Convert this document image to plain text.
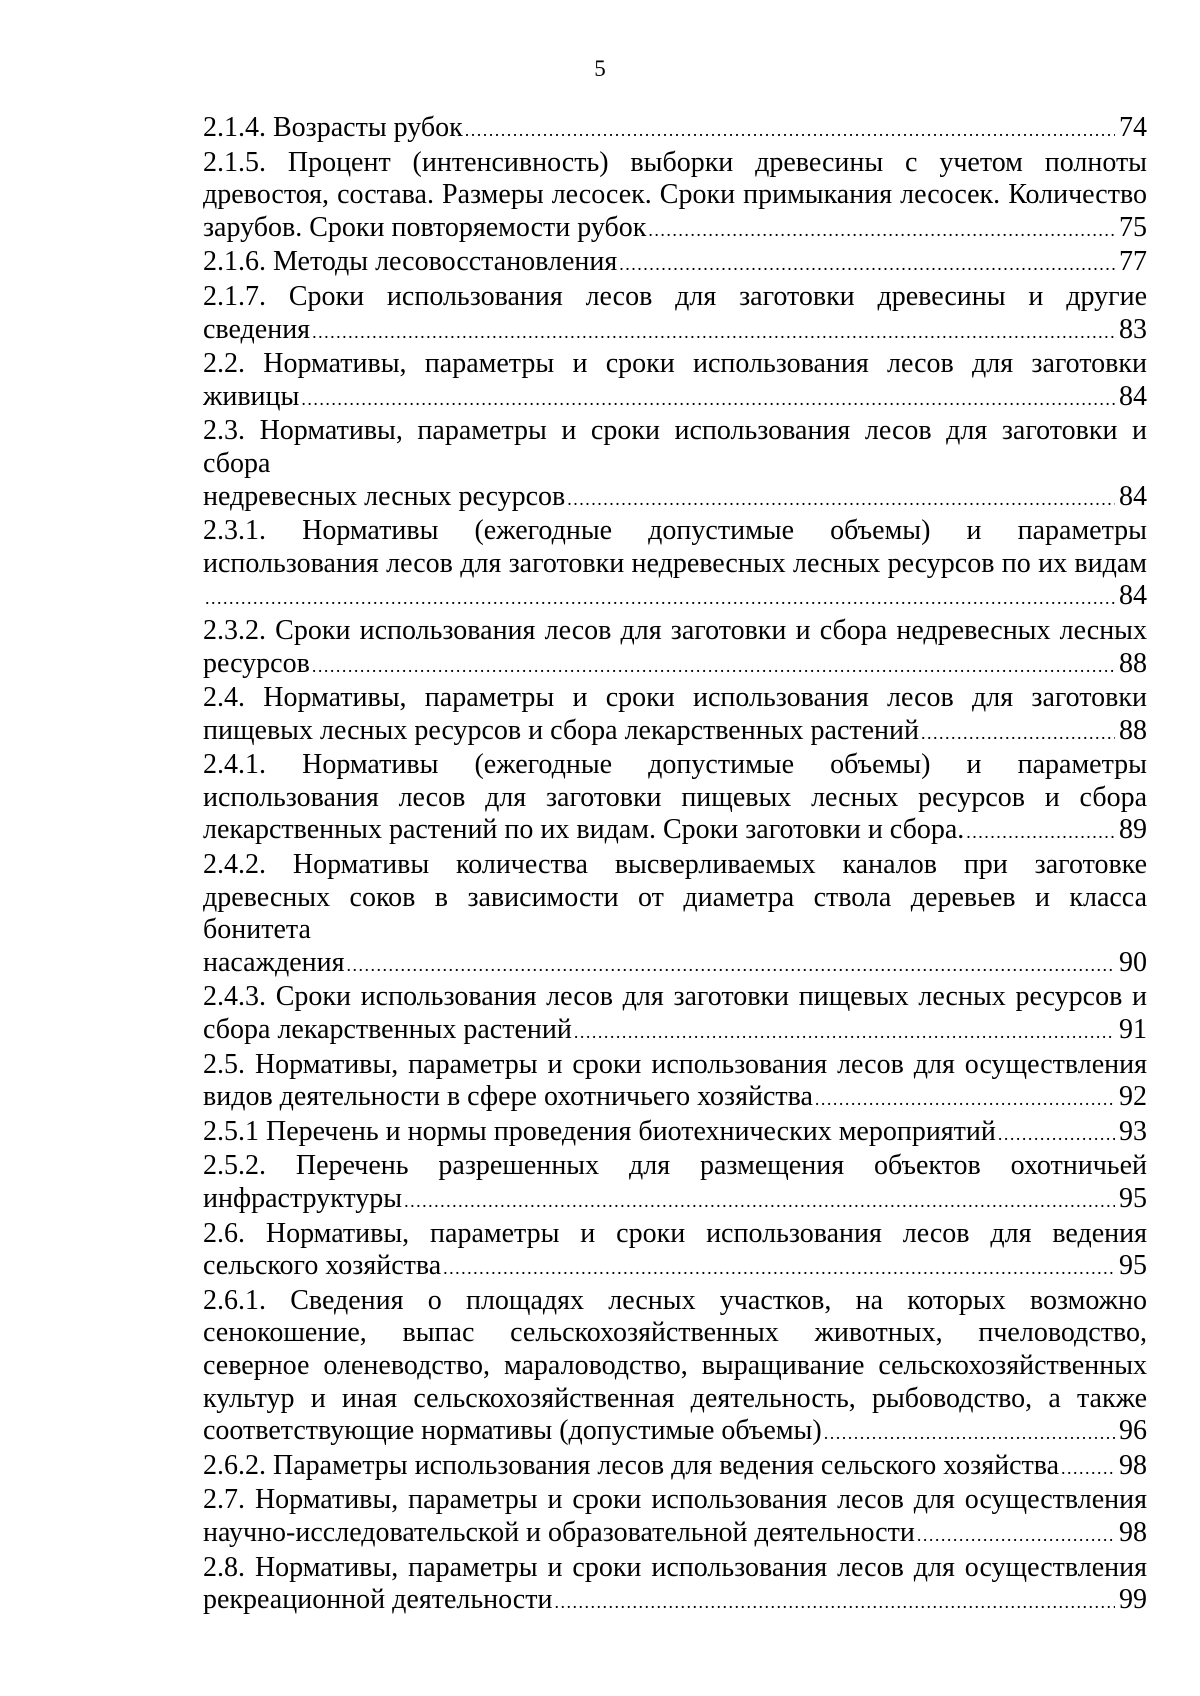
5
2.1.4. Возрасты рубок .....	74
2.1.5. Процент (интенсивность) выборки древесины с учетом полноты
древостоя, состава. Размеры лесосек. Сроки примыкания лесосек. Количество
зарубов. Сроки повторяемости рубок .....	75
2.1.6. Методы лесовосстановления .....	77
2.1.7. Сроки использования лесов для заготовки древесины и другие
сведения .....	83
2.2. Нормативы, параметры и сроки использования лесов для заготовки
живицы .....	84
2.3. Нормативы, параметры и сроки использования лесов для заготовки и сбора
недревесных лесных ресурсов .....	84
2.3.1. Нормативы (ежегодные допустимые объемы) и параметры
использования лесов для заготовки недревесных лесных ресурсов по их видам
.....
84
2.3.2. Сроки использования лесов для заготовки и сбора недревесных лесных
ресурсов .....	88
2.4. Нормативы, параметры и сроки использования лесов для заготовки
пищевых лесных ресурсов и сбора лекарственных растений .....	88
2.4.1. Нормативы (ежегодные допустимые объемы) и параметры
использования лесов для заготовки пищевых лесных ресурсов и сбора
лекарственных растений по их видам. Сроки заготовки и сбора. .....	89
2.4.2. Нормативы количества высверливаемых каналов при заготовке
древесных соков в зависимости от диаметра ствола деревьев и класса бонитета
насаждения .....	90
2.4.3. Сроки использования лесов для заготовки пищевых лесных ресурсов и
сбора лекарственных растений .....	91
2.5. Нормативы, параметры и сроки использования лесов для осуществления
видов деятельности в сфере охотничьего хозяйства .....	92
2.5.1 Перечень и нормы проведения биотехнических мероприятий .....	93
2.5.2. Перечень разрешенных для размещения объектов охотничьей
инфраструктуры .....	95
2.6. Нормативы, параметры и сроки использования лесов для ведения
сельского хозяйства .....	95
2.6.1. Сведения о площадях лесных участков, на которых возможно
сенокошение, выпас сельскохозяйственных животных, пчеловодство,
северное оленеводство, мараловодство, выращивание сельскохозяйственных
культур и иная сельскохозяйственная деятельность, рыбоводство, а также
соответствующие нормативы (допустимые объемы) .....	96
2.6.2. Параметры использования лесов для ведения сельского хозяйства ..... 98
2.7. Нормативы, параметры и сроки использования лесов для осуществления
научно-исследовательской и образовательной деятельности .....	98
2.8. Нормативы, параметры и сроки использования лесов для осуществления
рекреационной деятельности .....	99
